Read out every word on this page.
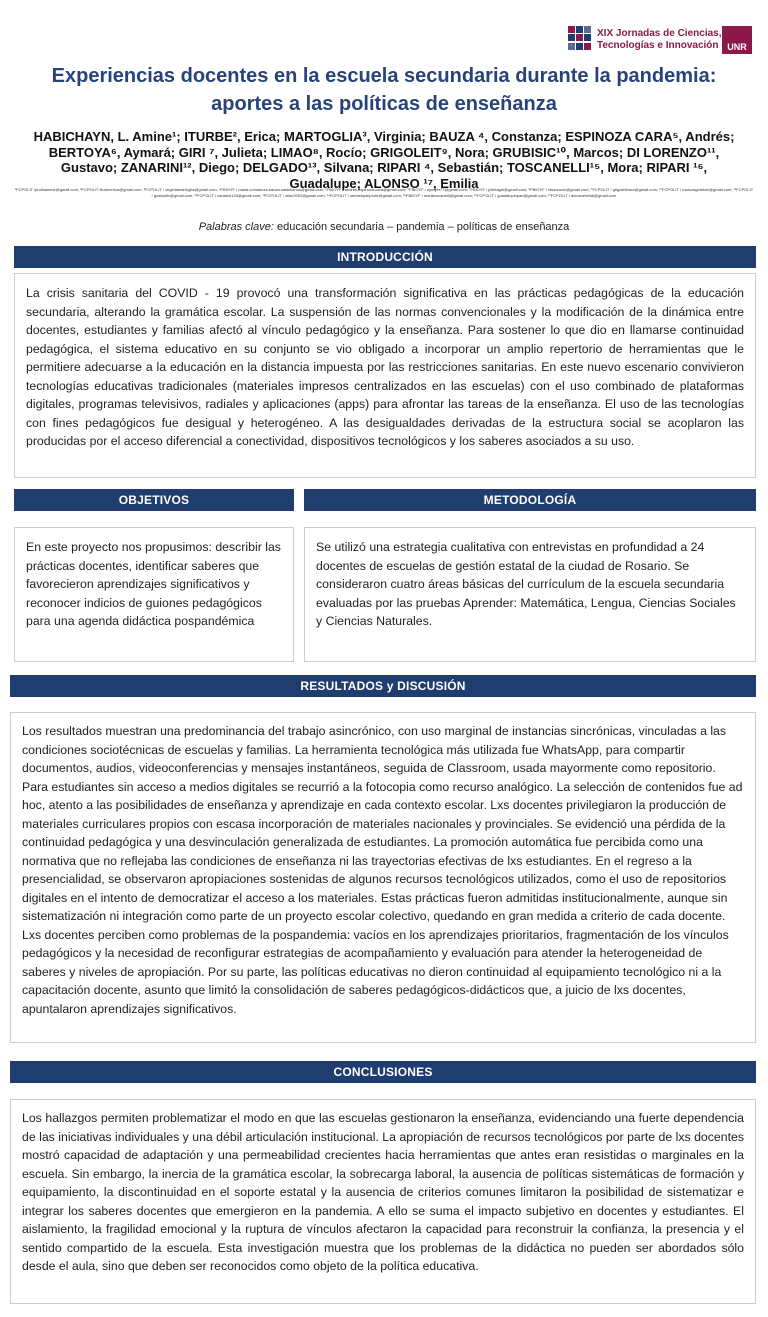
XIX Jornadas de Ciencias,
Tecnologías e Innovación UNR
Experiencias docentes en la escuela secundaria durante la pandemia:
aportes a las políticas de enseñanza
HABICHAYN, L. Amine¹; ITURBE², Erica; MARTOGLIA³, Virginia; BAUZA ⁴, Constanza; ESPINOZA CARA⁵, Andrés; BERTOYA⁶, Aymará; GIRI ⁷, Julieta; LIMAO⁸, Rocío; GRIGOLEIT⁹, Nora; GRUBISIC¹⁰, Marcos; DI LORENZO¹¹, Gustavo; ZANARINI¹², Diego; DELGADO¹³, Silvana; RIPARI ⁴, Sebastián; TOSCANELLI¹⁵, Mora; RIPARI ¹⁶, Guadalupe; ALONSO ¹⁷, Emilia
¹FCPOLIT /prolisamine@gmail.com; ²FCPOLIT /iturbeerica@gmail.com; ³FCPOLIT / virginiamartoglia@gmail.com; ⁴FBIOYF / maria.constanza.bauza.castellanos@gmail.com; ⁵FBIOYF / andres.espinoza.cara@gmail.com; ⁶FBIOYF / aymyer77@gmail.com; ⁷FBIOYF / julietagiri@gmail.com; ⁸FBIOYF / limaorocio@gmail.com; ⁹FCPOLIT / grigoleitnora@gmail.com; ¹⁰FCPOLIT / marcosgrubisic@gmail.com; ¹¹FCPOLIT / gustadilo@gmail.com; ¹²FCPOLIT / zanarini123@gmail.com; ¹³FCPOLIT / silari2002@gmail.com; ¹⁴FCPOLIT / sebastipariprofe@gmail.com; ¹⁵FBIOYF / moratoscanelli@gmail.com; ¹⁶FCPOLIT / guadalupeipari@gmail.com; ¹⁷FCPOLIT / alonsoemilial@gmail.com
Palabras clave: educación secundaria – pandemia – políticas de enseñanza
INTRODUCCIÓN

La crisis sanitaria del COVID - 19 provocó una transformación significativa en las prácticas pedagógicas de la educación secundaria, alterando la gramática escolar. La suspensión de las normas convencionales y la modificación de la dinámica entre docentes, estudiantes y familias afectó al vínculo pedagógico y la enseñanza. Para sostener lo que dio en llamarse continuidad pedagógica, el sistema educativo en su conjunto se vio obligado a incorporar un amplio repertorio de herramientas que le permitiere adecuarse a la educación en la distancia impuesta por las restricciones sanitarias. En este nuevo escenario convivieron tecnologías educativas tradicionales (materiales impresos centralizados en las escuelas) con el uso combinado de plataformas digitales, programas televisivos, radiales y aplicaciones (apps) para afrontar las tareas de la enseñanza. El uso de las tecnologías con fines pedagógicos fue desigual y heterogéneo. A las desigualdades derivadas de la estructura social se acoplaron las producidas por el acceso diferencial a conectividad, dispositivos tecnológicos y los saberes asociados a su uso.

OBJETIVOS

En este proyecto nos propusimos: describir las prácticas docentes, identificar saberes que favorecieron aprendizajes significativos y reconocer indicios de guiones pedagógicos para una agenda didáctica pospandémica

METODOLOGÍA

Se utilizó una estrategia cualitativa con entrevistas en profundidad a 24 docentes de escuelas de gestión estatal de la ciudad de Rosario. Se consideraron cuatro áreas básicas del currículum de la escuela secundaria evaluadas por las pruebas Aprender: Matemática, Lengua, Ciencias Sociales y Ciencias Naturales.

RESULTADOS y DISCUSIÓN

Los resultados muestran una predominancia del trabajo asincrónico, con uso marginal de instancias sincrónicas, vinculadas a las condiciones sociotécnicas de escuelas y familias. La herramienta tecnológica más utilizada fue WhatsApp, para compartir documentos, audios, videoconferencias y mensajes instantáneos, seguida de Classroom, usada mayormente como repositorio. Para estudiantes sin acceso a medios digitales se recurrió a la fotocopia como recurso analógico. La selección de contenidos fue ad hoc, atento a las posibilidades de enseñanza y aprendizaje en cada contexto escolar. Lxs docentes privilegiaron la producción de materiales curriculares propios con escasa incorporación de materiales nacionales y provinciales. Se evidenció una pérdida de la continuidad pedagógica y una desvinculación generalizada de estudiantes. La promoción automática fue percibida como una normativa que no reflejaba las condiciones de enseñanza ni las trayectorias efectivas de lxs estudiantes. En el regreso a la presencialidad, se observaron apropiaciones sostenidas de algunos recursos tecnológicos utilizados, como el uso de repositorios digitales en el intento de democratizar el acceso a los materiales. Estas prácticas fueron admitidas institucionalmente, aunque sin sistematización ni integración como parte de un proyecto escolar colectivo, quedando en gran medida a criterio de cada docente. Lxs docentes perciben como problemas de la pospandemia: vacíos en los aprendizajes prioritarios, fragmentación de los vínculos pedagógicos y la necesidad de reconfigurar estrategias de acompañamiento y evaluación para atender la heterogeneidad de saberes y niveles de apropiación. Por su parte, las políticas educativas no dieron continuidad al equipamiento tecnológico ni a la capacitación docente, asunto que limitó la consolidación de saberes pedagógicos-didácticos que, a juicio de lxs docentes, apuntalaron aprendizajes significativos.

CONCLUSIONES

Los hallazgos permiten problematizar el modo en que las escuelas gestionaron la enseñanza, evidenciando una fuerte dependencia de las iniciativas individuales y una débil articulación institucional. La apropiación de recursos tecnológicos por parte de lxs docentes mostró capacidad de adaptación y una permeabilidad crecientes hacia herramientas que antes eran resistidas o marginales en la escuela. Sin embargo, la inercia de la gramática escolar, la sobrecarga laboral, la ausencia de políticas sistemáticas de formación y equipamiento, la discontinuidad en el soporte estatal y la ausencia de criterios comunes limitaron la posibilidad de sistematizar e integrar los saberes docentes que emergieron en la pandemia. A ello se suma el impacto subjetivo en docentes y estudiantes. El aislamiento, la fragilidad emocional y la ruptura de vínculos afectaron la capacidad para reconstruir la confianza, la presencia y el sentido compartido de la escuela. Esta investigación muestra que los problemas de la didáctica no pueden ser abordados sólo desde el aula, sino que deben ser reconocidos como objeto de la política educativa.
